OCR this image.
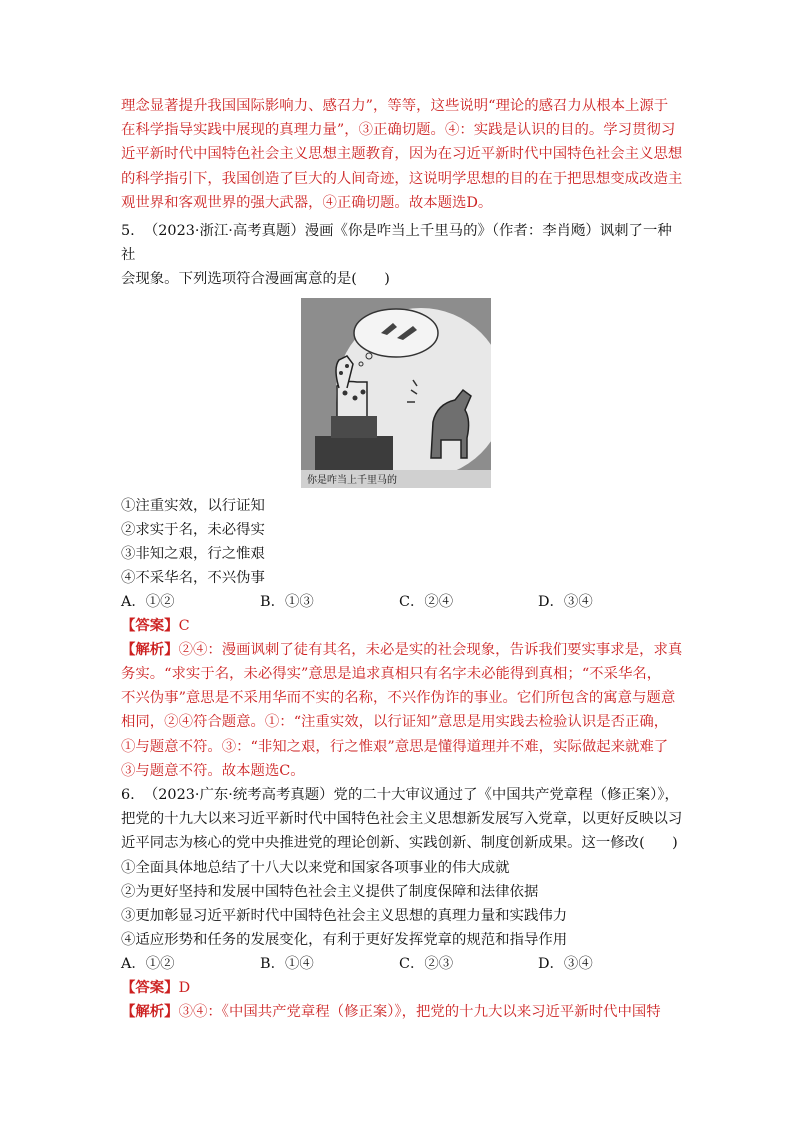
理念显著提升我国国际影响力、感召力”，等等，这些说明“理论的感召力从根本上源于

在科学指导实践中展现的真理力量”，③正确切题。④：实践是认识的目的。学习贯彻习

近平新时代中国特色社会主义思想主题教育，因为在习近平新时代中国特色社会主义思想

的科学指引下，我国创造了巨大的人间奇迹，这说明学思想的目的在于把思想变成改造主

观世界和客观世界的强大武器，④正确切题。故本题选D。

5.  （2023·浙江·高考真题）漫画《你是咋当上千里马的》（作者：李肖飏）讽刺了一种社

会现象。下列选项符合漫画寓意的是(      )

你是咋当上千里马的

①注重实效，以行证知

②求实于名，未必得实

③非知之艰，行之惟艰

④不采华名，不兴伪事

A．①②	B．①③	C．②④	D．③④

【答案】C

【解析】②④：漫画讽刺了徒有其名，未必是实的社会现象，告诉我们要实事求是，求真

务实。“求实于名，未必得实”意思是追求真相只有名字未必能得到真相；“不采华名，

不兴伪事”意思是不采用华而不实的名称，不兴作伪诈的事业。它们所包含的寓意与题意

相同，②④符合题意。①：“注重实效，以行证知”意思是用实践去检验认识是否正确，

①与题意不符。③：“非知之艰，行之惟艰”意思是懂得道理并不难，实际做起来就难了

③与题意不符。故本题选C。

6.  （2023·广东·统考高考真题）党的二十大审议通过了《中国共产党章程（修正案）》，

把党的十九大以来习近平新时代中国特色社会主义思想新发展写入党章，以更好反映以习

近平同志为核心的党中央推进党的理论创新、实践创新、制度创新成果。这一修改(      )

①全面具体地总结了十八大以来党和国家各项事业的伟大成就

②为更好坚持和发展中国特色社会主义提供了制度保障和法律依据

③更加彰显习近平新时代中国特色社会主义思想的真理力量和实践伟力

④适应形势和任务的发展变化，有利于更好发挥党章的规范和指导作用

A．①②	B．①④	C．②③	D．③④

【答案】D

【解析】③④：《中国共产党章程（修正案）》，把党的十九大以来习近平新时代中国特
